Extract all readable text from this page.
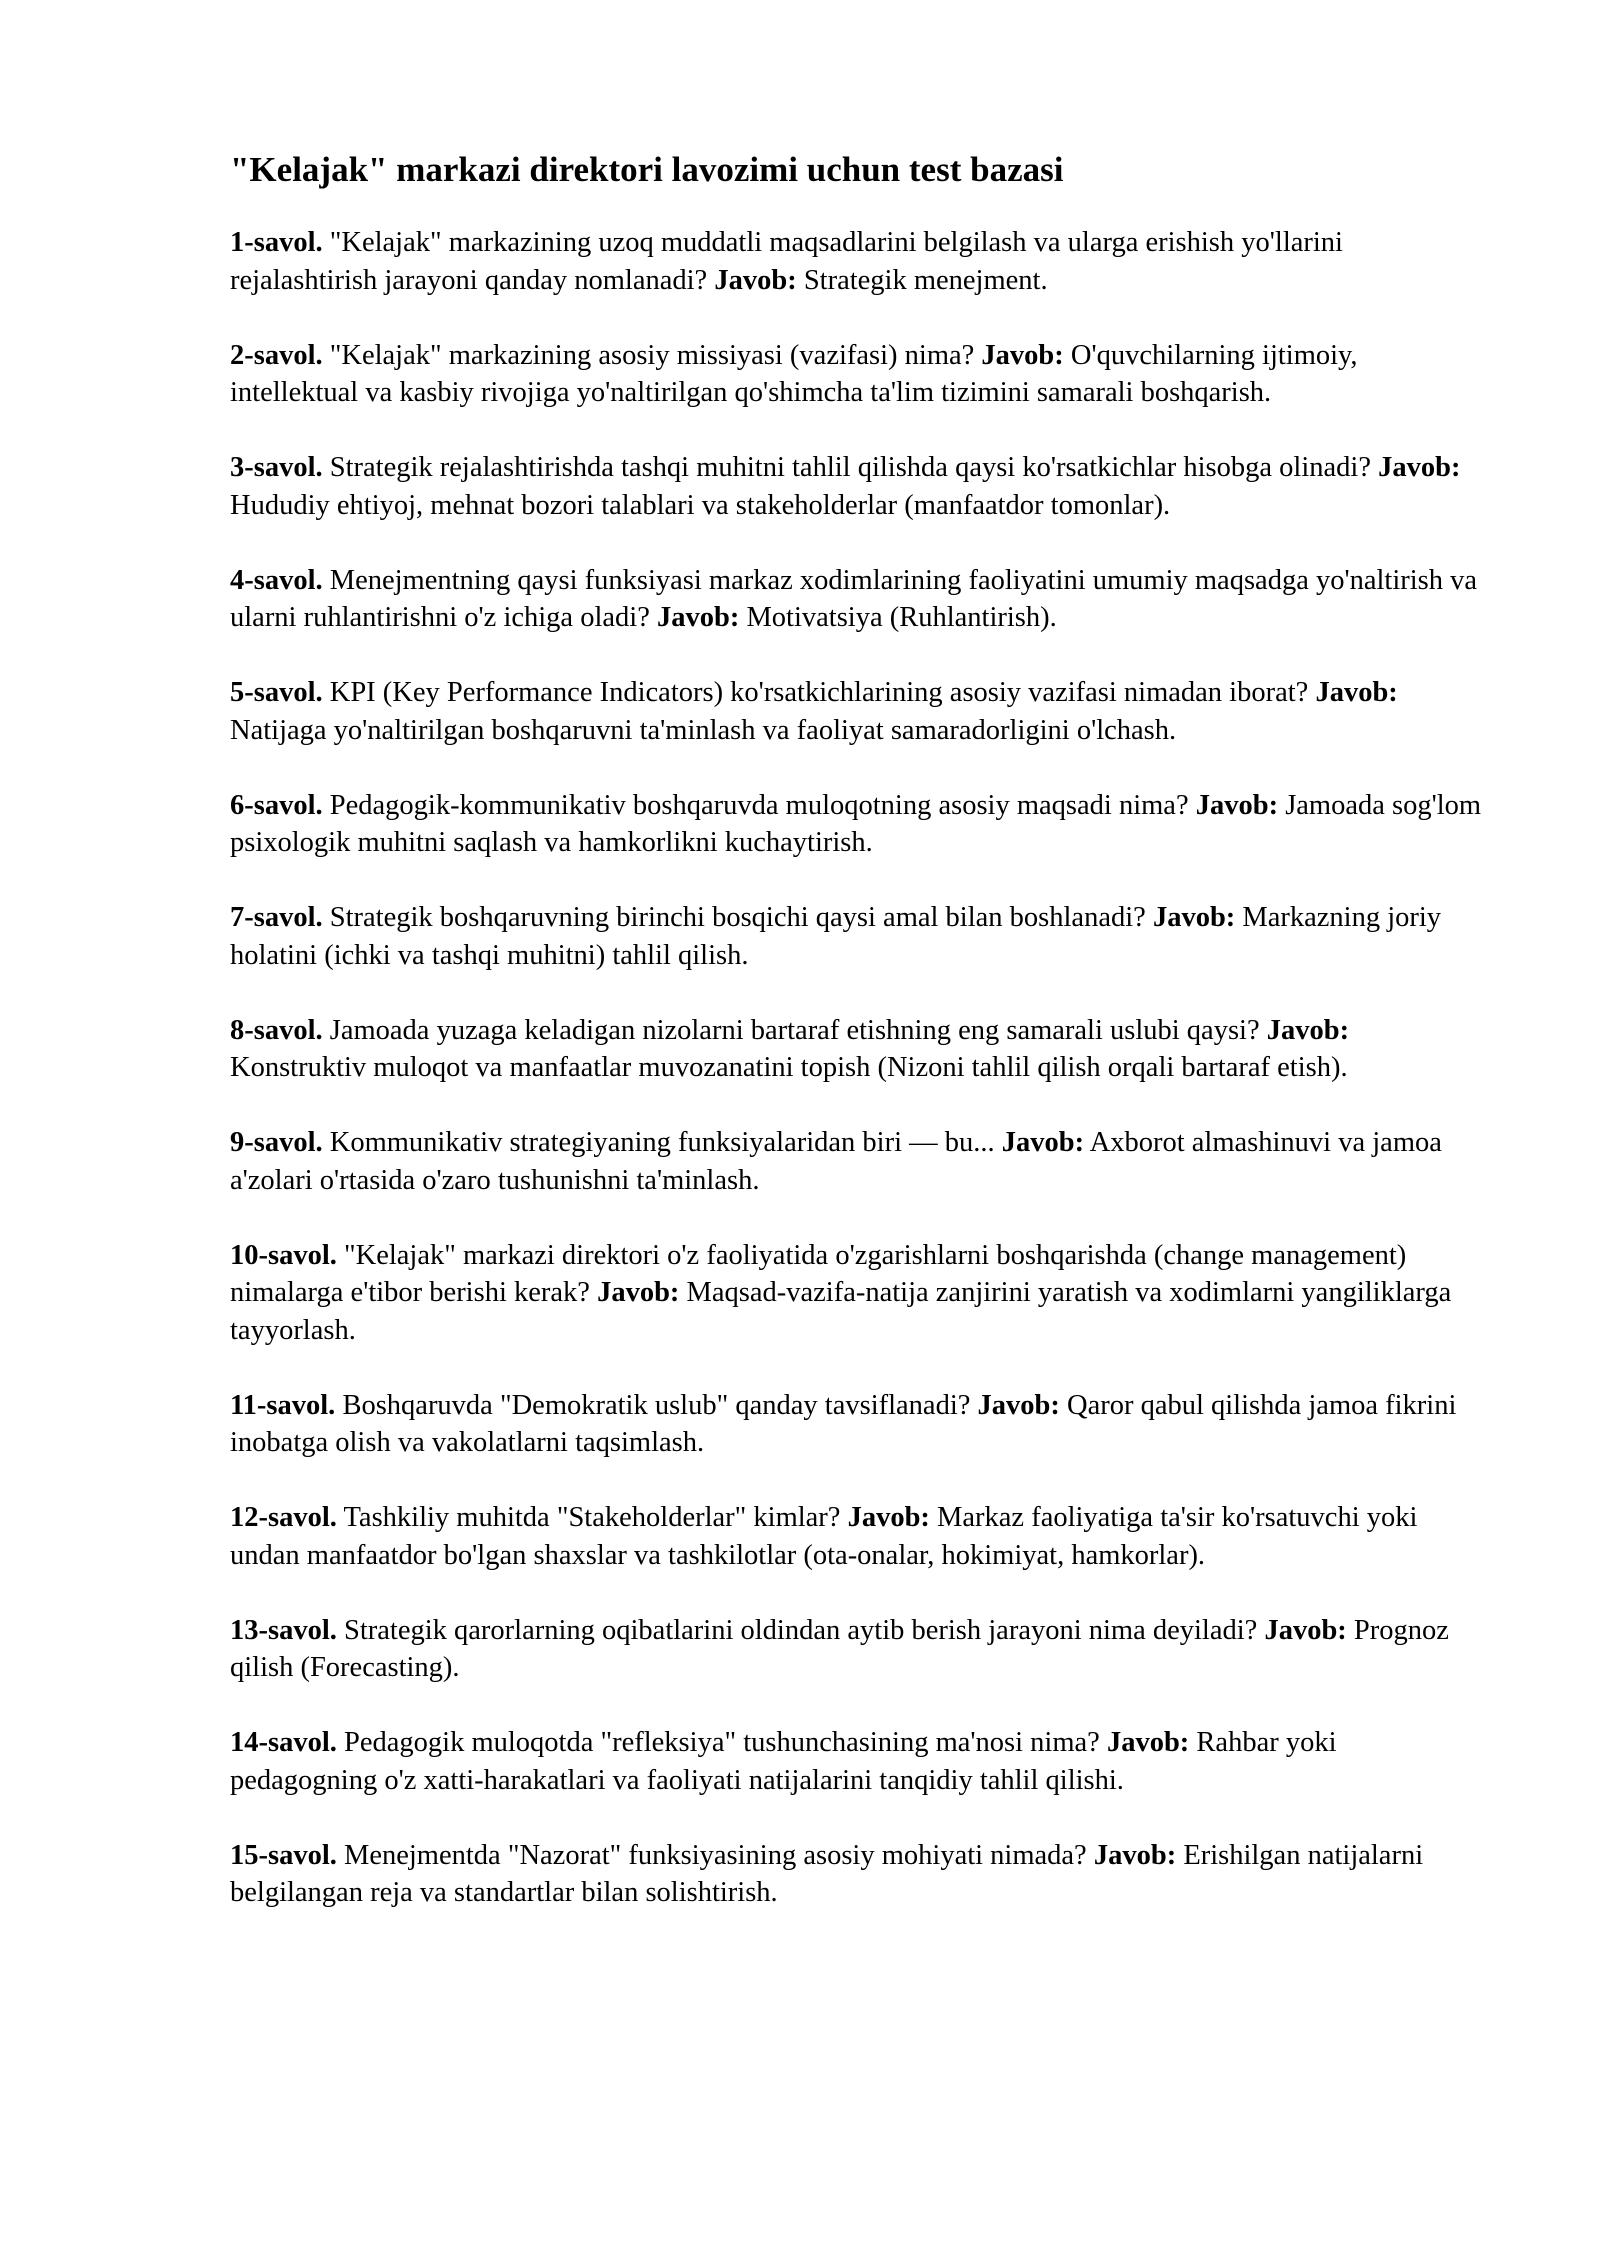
"Kelajak" markazi direktori lavozimi uchun test bazasi
1-savol. "Kelajak" markazining uzoq muddatli maqsadlarini belgilash va ularga erishish yo'llarini rejalashtirish jarayoni qanday nomlanadi? Javob: Strategik menejment.
2-savol. "Kelajak" markazining asosiy missiyasi (vazifasi) nima? Javob: O'quvchilarning ijtimoiy, intellektual va kasbiy rivojiga yo'naltirilgan qo'shimcha ta'lim tizimini samarali boshqarish.
3-savol. Strategik rejalashtirishda tashqi muhitni tahlil qilishda qaysi ko'rsatkichlar hisobga olinadi? Javob: Hududiy ehtiyoj, mehnat bozori talablari va stakeholderlar (manfaatdor tomonlar).
4-savol. Menejmentning qaysi funksiyasi markaz xodimlarining faoliyatini umumiy maqsadga yo'naltirish va ularni ruhlantirishni o'z ichiga oladi? Javob: Motivatsiya (Ruhlantirish).
5-savol. KPI (Key Performance Indicators) ko'rsatkichlarining asosiy vazifasi nimadan iborat? Javob: Natijaga yo'naltirilgan boshqaruvni ta'minlash va faoliyat samaradorligini o'lchash.
6-savol. Pedagogik-kommunikativ boshqaruvda muloqotning asosiy maqsadi nima? Javob: Jamoada sog'lom psixologik muhitni saqlash va hamkorlikni kuchaytirish.
7-savol. Strategik boshqaruvning birinchi bosqichi qaysi amal bilan boshlanadi? Javob: Markazning joriy holatini (ichki va tashqi muhitni) tahlil qilish.
8-savol. Jamoada yuzaga keladigan nizolarni bartaraf etishning eng samarali uslubi qaysi? Javob: Konstruktiv muloqot va manfaatlar muvozanatini topish (Nizoni tahlil qilish orqali bartaraf etish).
9-savol. Kommunikativ strategiyaning funksiyalaridan biri — bu... Javob: Axborot almashinuvi va jamoa a'zolari o'rtasida o'zaro tushunishni ta'minlash.
10-savol. "Kelajak" markazi direktori o'z faoliyatida o'zgarishlarni boshqarishda (change management) nimalarga e'tibor berishi kerak? Javob: Maqsad-vazifa-natija zanjirini yaratish va xodimlarni yangiliklarga tayyorlash.
11-savol. Boshqaruvda "Demokratik uslub" qanday tavsiflanadi? Javob: Qaror qabul qilishda jamoa fikrini inobatga olish va vakolatlarni taqsimlash.
12-savol. Tashkiliy muhitda "Stakeholderlar" kimlar? Javob: Markaz faoliyatiga ta'sir ko'rsatuvchi yoki undan manfaatdor bo'lgan shaxslar va tashkilotlar (ota-onalar, hokimiyat, hamkorlar).
13-savol. Strategik qarorlarning oqibatlarini oldindan aytib berish jarayoni nima deyiladi? Javob: Prognoz qilish (Forecasting).
14-savol. Pedagogik muloqotda "refleksiya" tushunchasining ma'nosi nima? Javob: Rahbar yoki pedagogning o'z xatti-harakatlari va faoliyati natijalarini tanqidiy tahlil qilishi.
15-savol. Menejmentda "Nazorat" funksiyasining asosiy mohiyati nimada? Javob: Erishilgan natijalarni belgilangan reja va standartlar bilan solishtirish.
